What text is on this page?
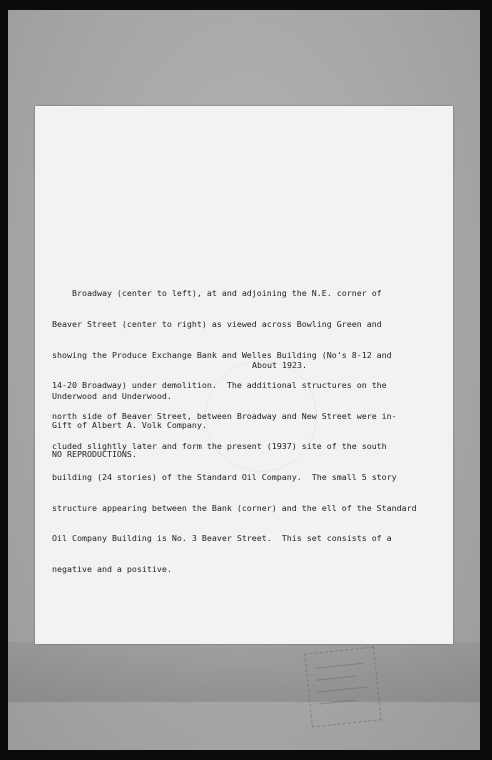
Broadway (center to left), at and adjoining the N.E. corner of

Beaver Street (center to right) as viewed across Bowling Green and

showing the Produce Exchange Bank and Welles Building (No's 8-12 and

14-20 Broadway) under demolition.  The additional structures on the

north side of Beaver Street, between Broadway and New Street were in-

cluded slightly later and form the present (1937) site of the south

building (24 stories) of the Standard Oil Company.  The small 5 story

structure appearing between the Bank (corner) and the ell of the Standard

Oil Company Building is No. 3 Beaver Street.  This set consists of a

negative and a positive.

About 1923.

Underwood and Underwood.

Gift of Albert A. Volk Company.

NO REPRODUCTIONS.
